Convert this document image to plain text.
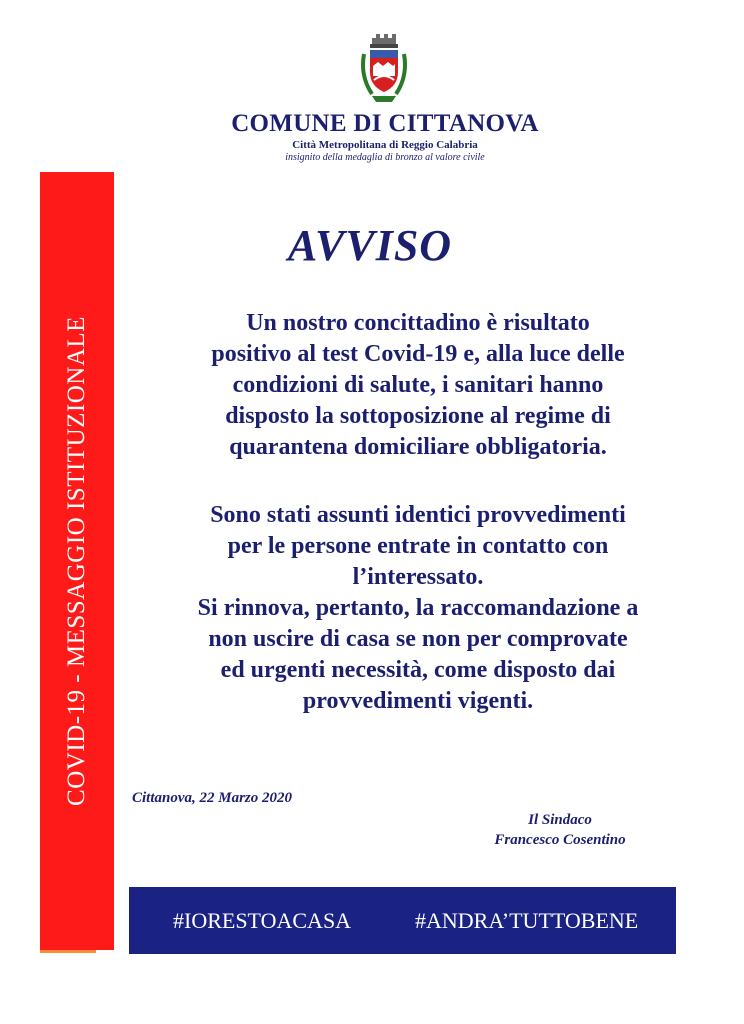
COMUNE DI CITTANOVA
Città Metropolitana di Reggio Calabria
insignito della medaglia di bronzo al valore civile
COVID-19 - MESSAGGIO ISTITUZIONALE
AVVISO
Un nostro concittadino è risultato
positivo al test Covid-19 e, alla luce delle
condizioni di salute, i sanitari hanno
disposto la sottoposizione al regime di
quarantena domiciliare obbligatoria.
Sono stati assunti identici provvedimenti
per le persone entrate in contatto con
l’interessato.
Si rinnova, pertanto, la raccomandazione a
non uscire di casa se non per comprovate
ed urgenti necessità, come disposto dai
provvedimenti vigenti.
Cittanova, 22 Marzo 2020
Il Sindaco
Francesco Cosentino
#IORESTOACASA	#ANDRA’TUTTOBENE
